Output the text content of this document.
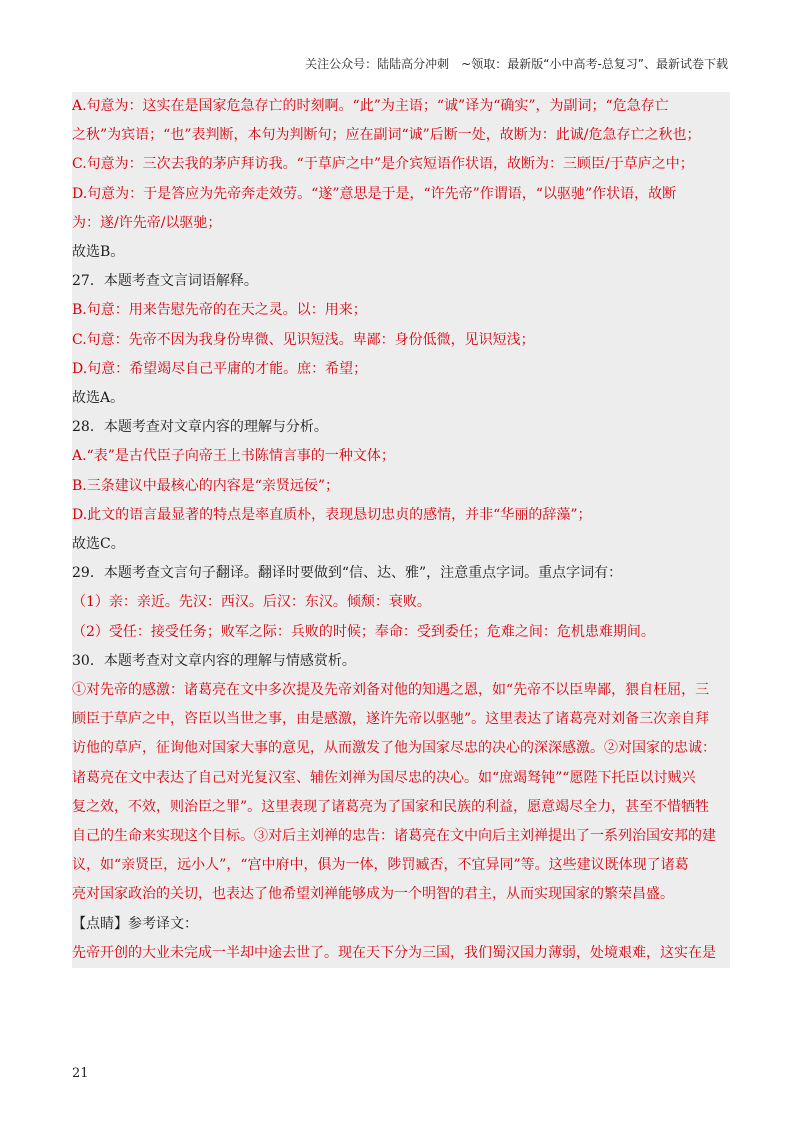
关注公众号：陆陆高分冲刺　~领取：最新版“小中高考-总复习”、最新试卷下载
A.句意为：这实在是国家危急存亡的时刻啊。“此”为主语；“诚”译为“确实”，为副词；“危急存亡
之秋”为宾语；“也”表判断，本句为判断句；应在副词“诚”后断一处，故断为：此诚/危急存亡之秋也；
C.句意为：三次去我的茅庐拜访我。“于草庐之中”是介宾短语作状语，故断为：三顾臣/于草庐之中；
D.句意为：于是答应为先帝奔走效劳。“遂”意思是于是，“许先帝”作谓语，“以驱驰”作状语，故断
为：遂/许先帝/以驱驰；
故选B。
27．本题考查文言词语解释。
B.句意：用来告慰先帝的在天之灵。以：用来；
C.句意：先帝不因为我身份卑微、见识短浅。卑鄙：身份低微，见识短浅；
D.句意：希望竭尽自己平庸的才能。庶：希望；
故选A。
28．本题考查对文章内容的理解与分析。
A.“表”是古代臣子向帝王上书陈情言事的一种文体；
B.三条建议中最核心的内容是“亲贤远佞”；
D.此文的语言最显著的特点是率直质朴，表现恳切忠贞的感情，并非“华丽的辞藻”；
故选C。
29．本题考查文言句子翻译。翻译时要做到“信、达、雅”，注意重点字词。重点字词有：
（1）亲：亲近。先汉：西汉。后汉：东汉。倾颓：衰败。
（2）受任：接受任务；败军之际：兵败的时候；奉命：受到委任；危难之间：危机患难期间。
30．本题考查对文章内容的理解与情感赏析。
①对先帝的感激：诸葛亮在文中多次提及先帝刘备对他的知遇之恩，如“先帝不以臣卑鄙，猥自枉屈，三
顾臣于草庐之中，咨臣以当世之事，由是感激，遂许先帝以驱驰”。这里表达了诸葛亮对刘备三次亲自拜
访他的草庐，征询他对国家大事的意见，从而激发了他为国家尽忠的决心的深深感激。②对国家的忠诚：
诸葛亮在文中表达了自己对光复汉室、辅佐刘禅为国尽忠的决心。如“庶竭驽钝”“愿陛下托臣以讨贼兴
复之效，不效，则治臣之罪”。这里表现了诸葛亮为了国家和民族的利益，愿意竭尽全力，甚至不惜牺牲
自己的生命来实现这个目标。③对后主刘禅的忠告：诸葛亮在文中向后主刘禅提出了一系列治国安邦的建
议，如“亲贤臣，远小人”，“宫中府中，俱为一体，陟罚臧否，不宜异同”等。这些建议既体现了诸葛
亮对国家政治的关切，也表达了他希望刘禅能够成为一个明智的君主，从而实现国家的繁荣昌盛。
【点睛】参考译文：
先帝开创的大业未完成一半却中途去世了。现在天下分为三国，我们蜀汉国力薄弱，处境艰难，这实在是
21
